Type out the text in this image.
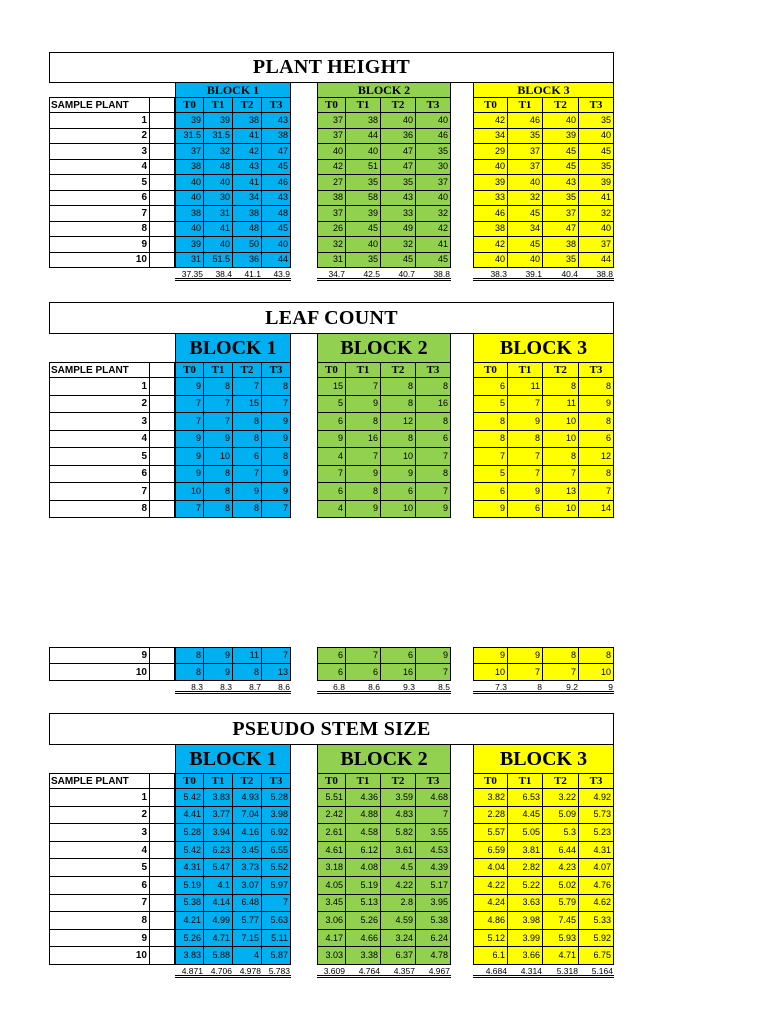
PLANT HEIGHT
BLOCK 1	BLOCK 2	BLOCK 3
SAMPLE PLANT	T0	T1	T2	T3	T0	T1	T2	T3	T0	T1	T2	T3
1	39	39	38	43	37	38	40	40	42	46	40	35
2	31.5	31.5	41	38	37	44	36	46	34	35	39	40
3	37	32	42	47	40	40	47	35	29	37	45	45
4	38	48	43	45	42	51	47	30	40	37	45	35
5	40	40	41	46	27	35	35	37	39	40	43	39
6	40	30	34	43	38	58	43	40	33	32	35	41
7	38	31	38	48	37	39	33	32	46	45	37	32
8	40	41	48	45	26	45	49	42	38	34	47	40
9	39	40	50	40	32	40	32	41	42	45	38	37
10	31	51.5	36	44	31	35	45	45	40	40	35	44
37.35	38.4	41.1	43.9	34.7	42.5	40.7	38.8	38.3	39.1	40.4	38.8
LEAF COUNT
BLOCK 1	BLOCK 2	BLOCK 3
SAMPLE PLANT	T0	T1	T2	T3	T0	T1	T2	T3	T0	T1	T2	T3
1	9	8	7	8	15	7	8	8	6	11	8	8
2	7	7	15	7	5	9	8	16	5	7	11	9
3	7	7	8	9	6	8	12	8	8	9	10	8
4	9	9	8	9	9	16	8	6	8	8	10	6
5	9	10	6	8	4	7	10	7	7	7	8	12
6	9	8	7	9	7	9	9	8	5	7	7	8
7	10	8	9	9	6	8	6	7	6	9	13	7
8	7	8	8	7	4	9	10	9	9	6	10	14
9	8	9	11	7	6	7	6	9	9	9	8	8
10	8	9	8	13	6	6	16	7	10	7	7	10
8.3	8.3	8.7	8.6	6.8	8.6	9.3	8.5	7.3	8	9.2	9
PSEUDO STEM SIZE
BLOCK 1	BLOCK 2	BLOCK 3
SAMPLE PLANT	T0	T1	T2	T3	T0	T1	T2	T3	T0	T1	T2	T3
1	5.42	3.83	4.93	5.28	5.51	4.36	3.59	4.68	3.82	6.53	3.22	4.92
2	4.41	3.77	7.04	3.98	2.42	4.88	4.83	7	2.28	4.45	5.09	5.73
3	5.28	3.94	4.16	6.92	2.61	4.58	5.82	3.55	5.57	5.05	5.3	5.23
4	5.42	6.23	3.45	6.55	4.61	6.12	3.61	4.53	6.59	3.81	6.44	4.31
5	4.31	5.47	3.73	5.52	3.18	4.08	4.5	4.39	4.04	2.82	4.23	4.07
6	5.19	4.1	3.07	5.97	4.05	5.19	4.22	5.17	4.22	5.22	5.02	4.76
7	5.38	4.14	6.48	7	3.45	5.13	2.8	3.95	4.24	3.63	5.79	4.62
8	4.21	4.99	5.77	5.63	3.06	5.26	4.59	5.38	4.86	3.98	7.45	5.33
9	5.26	4.71	7.15	5.11	4.17	4.66	3.24	6.24	5.12	3.99	5.93	5.92
10	3.83	5.88	4	5.87	3.03	3.38	6.37	4.78	6.1	3.66	4.71	6.75
4.871 4.706 4.978 5.783	3.609	4.764	4.357	4.967	4.684	4.314	5.318	5.164
